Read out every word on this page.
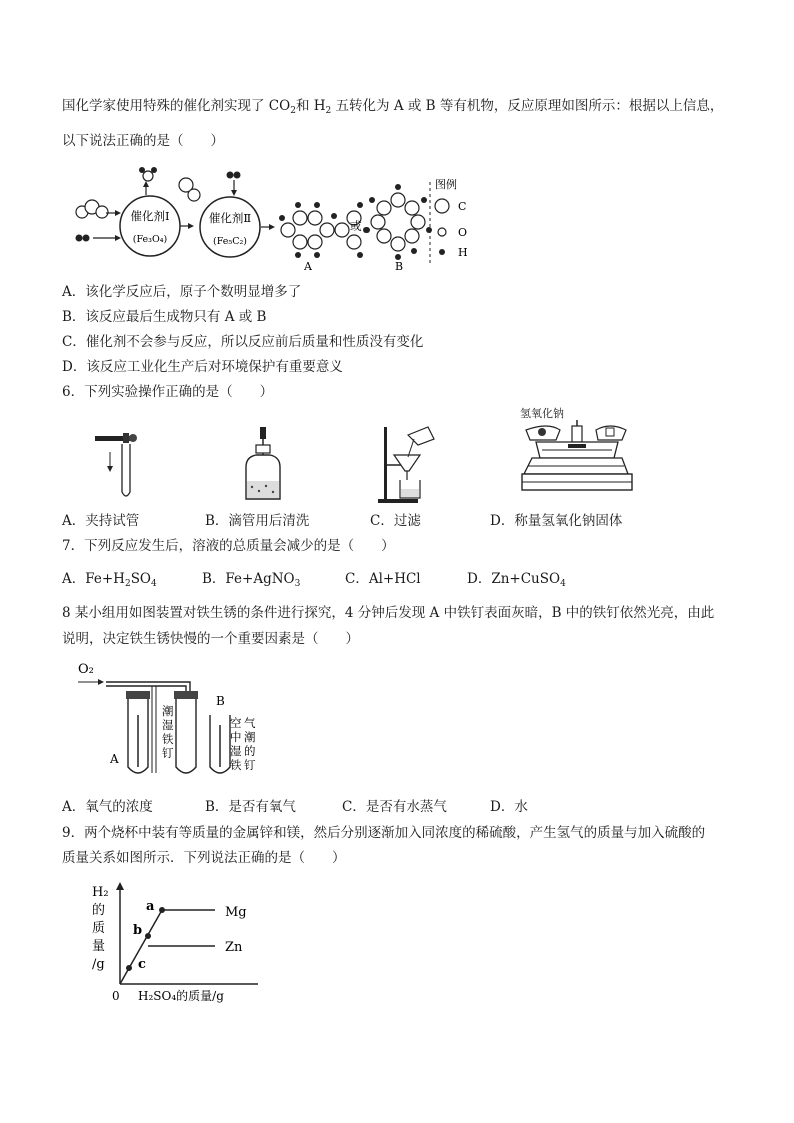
国化学家使用特殊的催化剂实现了 $CO_2$和 $H_2$ 五转化为 A 或 B 等有机物，反应原理如图所示：根据以上信息，
以下说法正确的是（　　）
催化剂Ⅰ
(Fe₃O₄)
催化剂Ⅱ
(Fe₅C₂)
A
或
B
图例
C
O
H
A．该化学反应后，原子个数明显增多了
B．该反应最后生成物只有 A 或 B
C．催化剂不会参与反应，所以反应前后质量和性质没有变化
D．该反应工业化生产后对环境保护有重要意义
6．下列实验操作正确的是（　　）
氢氧化钠
A．夹持试管	B．滴管用后清洗	C．过滤	D．称量氢氧化钠固体
7．下列反应发生后，溶液的总质量会减少的是（　　）
A．$Fe+H_2SO_4$	B．Fe+AgNO$_3$	C．Al+HCl	D．Zn+CuSO$_4$
8 某小组用如图装置对铁生锈的条件进行探究，4 分钟后发现 A 中铁钉表面灰暗，B 中的铁钉依然光亮，由此
说明，决定铁生锈快慢的一个重要因素是（　　）
O₂
A
潮
湿
铁
钉
B
空
中
湿
铁
气
潮
的
钉
A．氧气的浓度	B．是否有氧气	C．是否有水蒸气	D．水
9．两个烧杯中装有等质量的金属锌和镁，然后分别逐渐加入同浓度的稀硫酸，产生氢气的质量与加入硫酸的
质量关系如图所示．下列说法正确的是（　　）
H₂
的
质
量
/g
0 H₂SO₄的质量/g
a
b
c
Mg
Zn
